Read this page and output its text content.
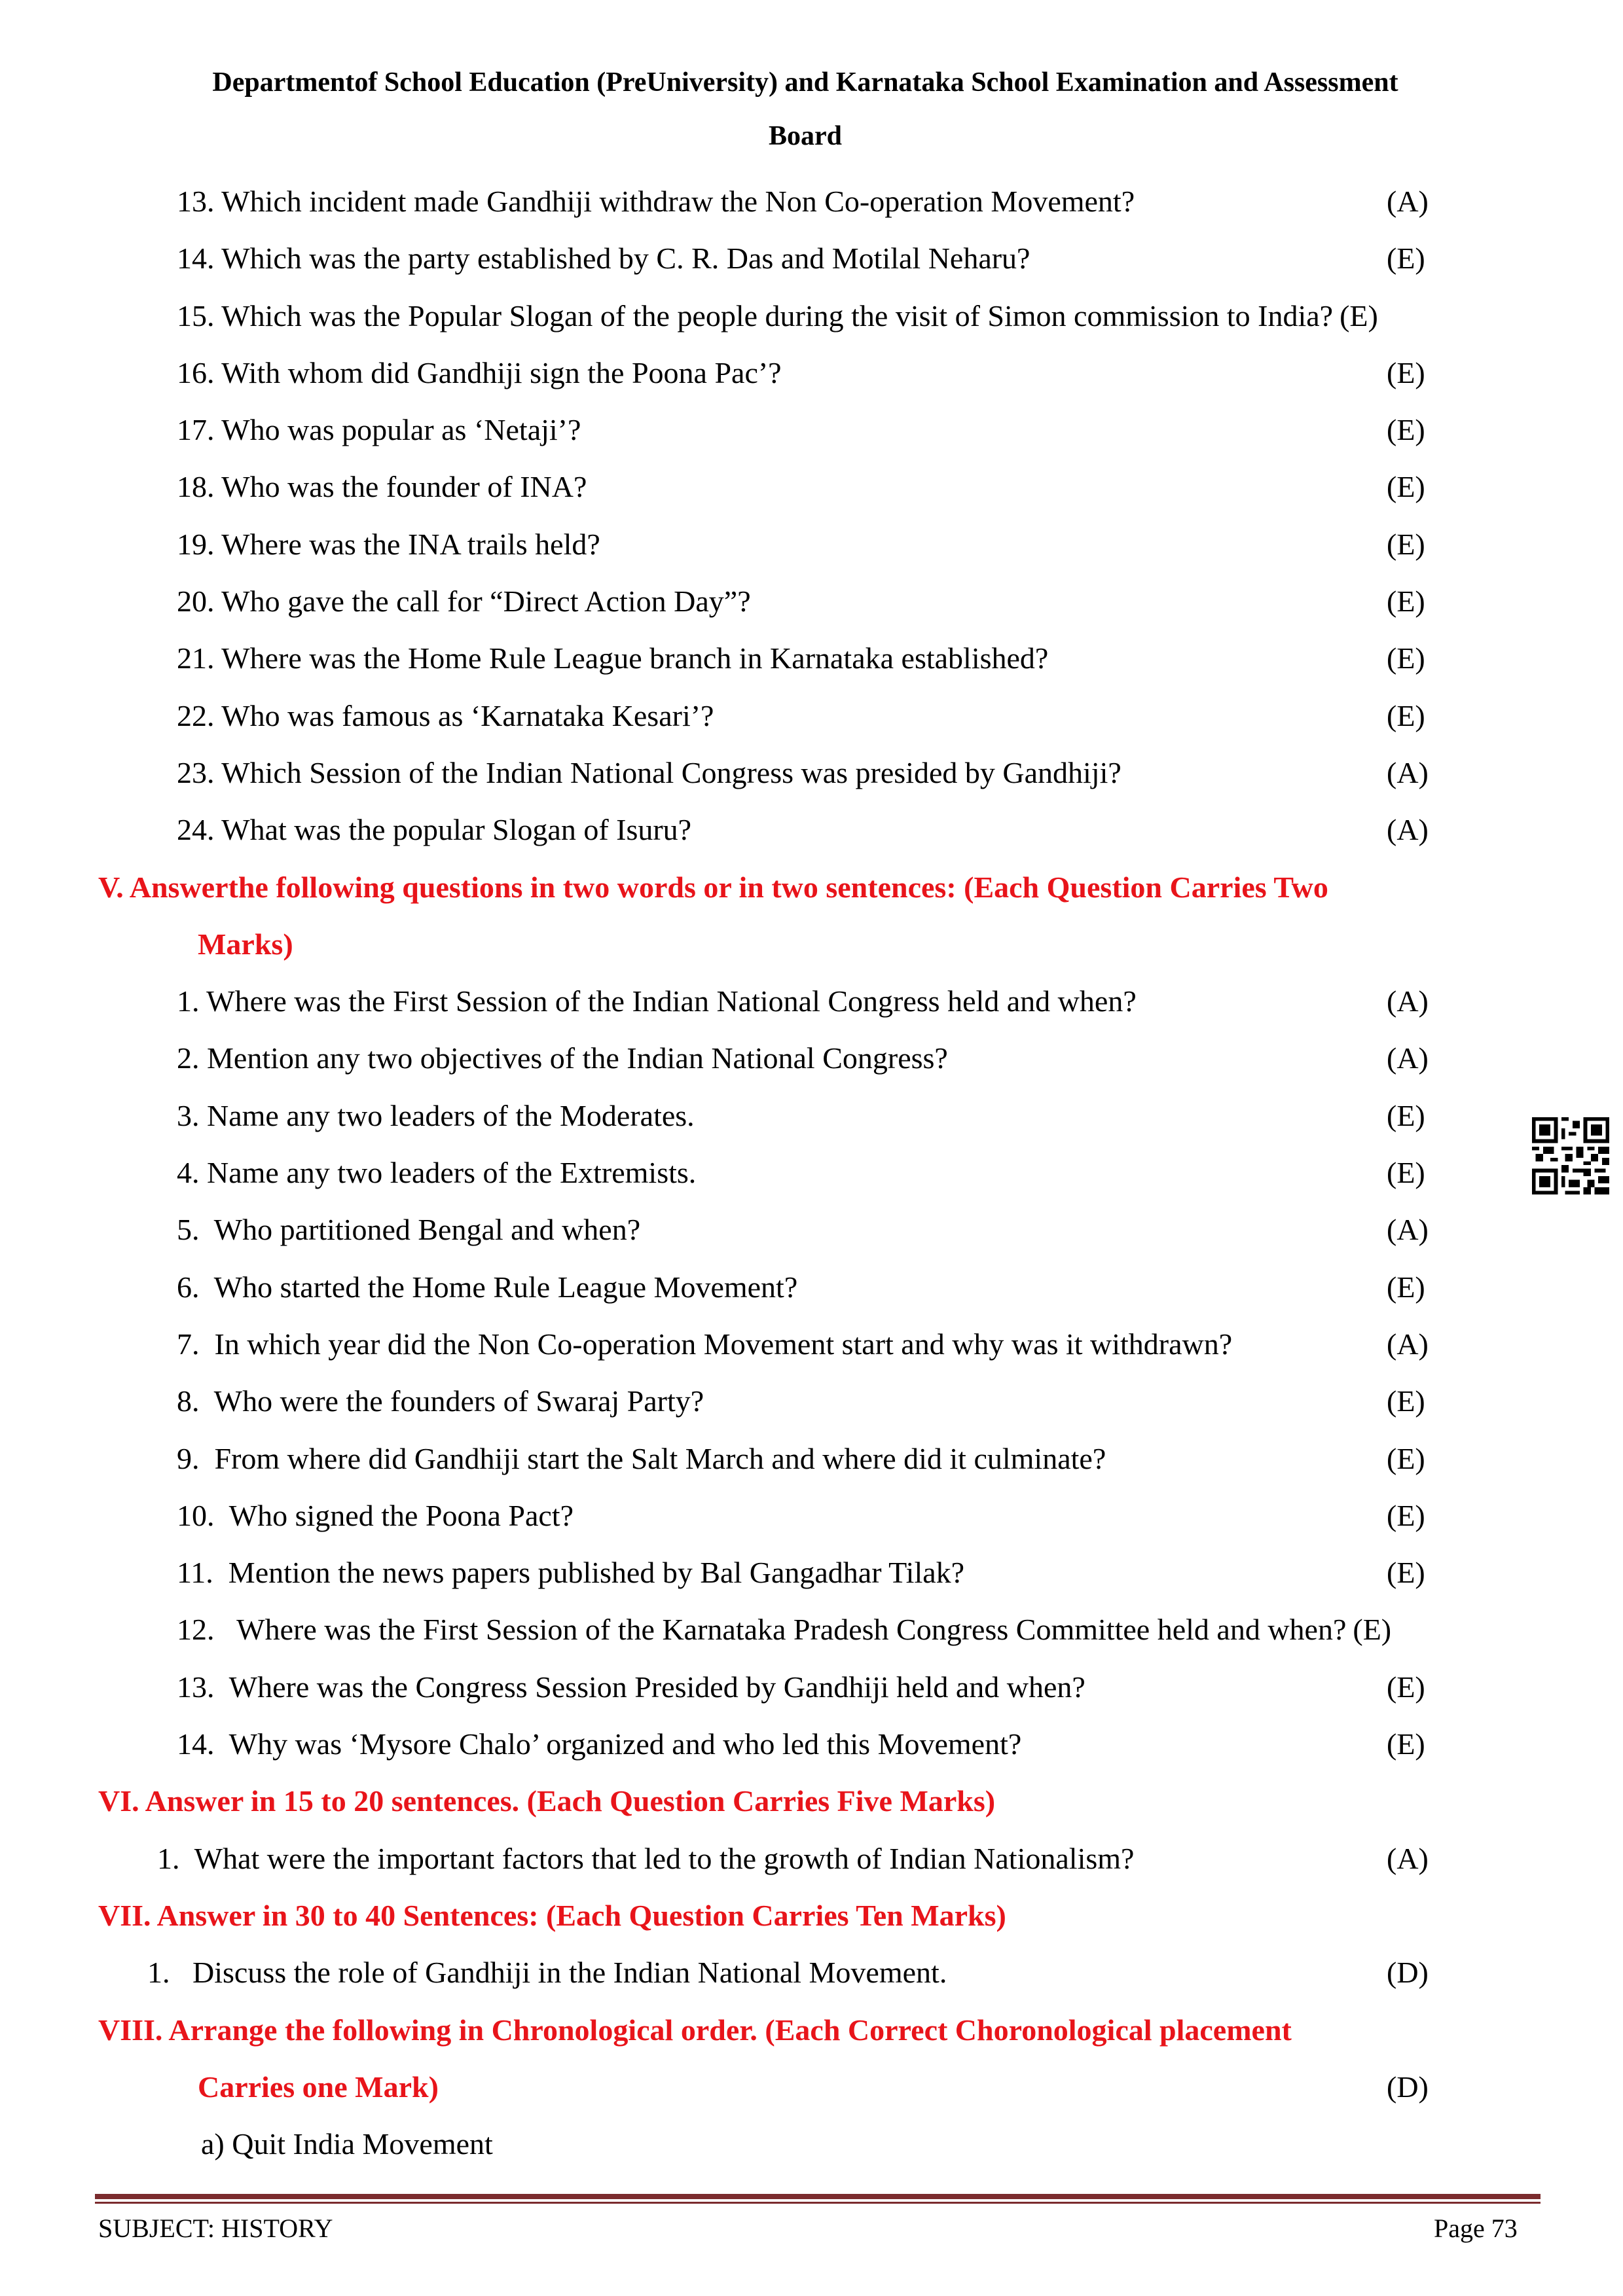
Departmentof School Education (PreUniversity) and Karnataka School Examination and Assessment
Board
13. Which incident made Gandhiji withdraw the Non Co-operation Movement?	(A)
14. Which was the party established by C. R. Das and Motilal Neharu?	(E)
15. Which was the Popular Slogan of the people during the visit of Simon commission to India? (E)
16. With whom did Gandhiji sign the Poona Pac’?	(E)
17. Who was popular as ‘Netaji’?	(E)
18. Who was the founder of INA?	(E)
19. Where was the INA trails held?	(E)
20. Who gave the call for “Direct Action Day”?	(E)
21. Where was the Home Rule League branch in Karnataka established?	(E)
22. Who was famous as ‘Karnataka Kesari’?	(E)
23. Which Session of the Indian National Congress was presided by Gandhiji?	(A)
24. What was the popular Slogan of Isuru?	(A)
V. Answerthe following questions in two words or in two sentences: (Each Question Carries Two
Marks)
1. Where was the First Session of the Indian National Congress held and when?	(A)
2. Mention any two objectives of the Indian National Congress?	(A)
3. Name any two leaders of the Moderates.	(E)
4. Name any two leaders of the Extremists.	(E)
5. Who partitioned Bengal and when?	(A)
6. Who started the Home Rule League Movement?	(E)
7. In which year did the Non Co-operation Movement start and why was it withdrawn?	(A)
8. Who were the founders of Swaraj Party?	(E)
9. From where did Gandhiji start the Salt March and where did it culminate?	(E)
10. Who signed the Poona Pact?	(E)
11. Mention the news papers published by Bal Gangadhar Tilak?	(E)
12. Where was the First Session of the Karnataka Pradesh Congress Committee held and when? (E)
13. Where was the Congress Session Presided by Gandhiji held and when?	(E)
14. Why was ‘Mysore Chalo’ organized and who led this Movement?	(E)
VI. Answer in 15 to 20 sentences. (Each Question Carries Five Marks)
1. What were the important factors that led to the growth of Indian Nationalism?	(A)
VII. Answer in 30 to 40 Sentences: (Each Question Carries Ten Marks)
1. Discuss the role of Gandhiji in the Indian National Movement.	(D)
VIII. Arrange the following in Chronological order. (Each Correct Choronological placement
Carries one Mark)	(D)
a) Quit India Movement
SUBJECT: HISTORY	Page 73
